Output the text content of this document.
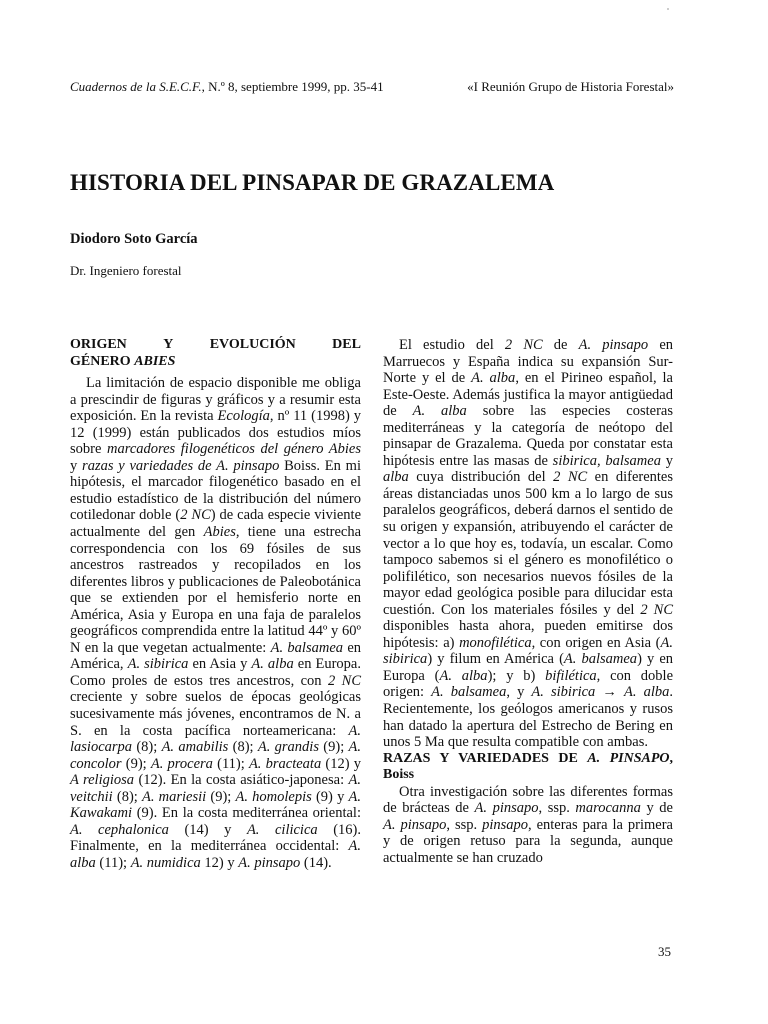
Cuadernos de la S.E.C.F., N.º 8, septiembre 1999, pp. 35-41	«I Reunión Grupo de Historia Forestal»
HISTORIA DEL PINSAPAR DE GRAZALEMA
Diodoro Soto García
Dr. Ingeniero forestal
ORIGEN	Y	EVOLUCIÓN	DEL
GÉNERO ABIES

La limitación de espacio disponible me obliga a prescindir de figuras y gráficos y a resumir esta exposición. En la revista Ecología, nº 11 (1998) y 12 (1999) están publicados dos estudios míos sobre marcadores filogenéticos del género Abies y razas y variedades de A. pinsapo Boiss. En mi hipótesis, el marcador filogenético basado en el estudio estadístico de la distribución del número cotiledonar doble (2 NC) de cada especie viviente actualmente del gen Abies, tiene una estrecha correspondencia con los 69 fósiles de sus ancestros rastreados y recopilados en los diferentes libros y publicaciones de Paleobotánica que se extienden por el hemisferio norte en América, Asia y Europa en una faja de paralelos geográficos comprendida entre la latitud 44º y 60º N en la que vegetan actualmente: A. balsamea en América, A. sibirica en Asia y A. alba en Europa. Como proles de estos tres ancestros, con 2 NC creciente y sobre suelos de épocas geológicas sucesivamente más jóvenes, encontramos de N. a S. en la costa pacífica norteamericana: A. lasiocarpa (8); A. amabilis (8); A. grandis (9); A. concolor (9); A. procera (11); A. bracteata (12) y A religiosa (12). En la costa asiático-japonesa: A. veitchii (8); A. mariesii (9); A. homolepis (9) y A. Kawakami (9). En la costa mediterránea oriental: A. cephalonica (14) y A. cilicica (16). Finalmente, en la mediterránea occidental: A. alba (11); A. numidica 12) y A. pinsapo (14).

El estudio del 2 NC de A. pinsapo en Marruecos y España indica su expansión Sur-Norte y el de A. alba, en el Pirineo español, la Este-Oeste. Además justifica la mayor antigüedad de A. alba sobre las especies costeras mediterráneas y la categoría de neótopo del pinsapar de Grazalema. Queda por constatar esta hipótesis entre las masas de sibirica, balsamea y alba cuya distribución del 2 NC en diferentes áreas distanciadas unos 500 km a lo largo de sus paralelos geográficos, deberá darnos el sentido de su origen y expansión, atribuyendo el carácter de vector a lo que hoy es, todavía, un escalar. Como tampoco sabemos si el género es monofilético o polifilético, son necesarios nuevos fósiles de la mayor edad geológica posible para dilucidar esta cuestión. Con los materiales fósiles y del 2 NC disponibles hasta ahora, pueden emitirse dos hipótesis: a) monofilética, con origen en Asia (A. sibirica) y filum en América (A. balsamea) y en Europa (A. alba); y b) bifilética, con doble origen: A. balsamea, y A. sibirica → A. alba. Recientemente, los geólogos americanos y rusos han datado la apertura del Estrecho de Bering en unos 5 Ma que resulta compatible con ambas.

RAZAS Y VARIEDADES DE A. PINSAPO, Boiss

Otra investigación sobre las diferentes formas de brácteas de A. pinsapo, ssp. marocanna y de A. pinsapo, ssp. pinsapo, enteras para la primera y de origen retuso para la segunda, aunque actualmente se han cruzado

35
